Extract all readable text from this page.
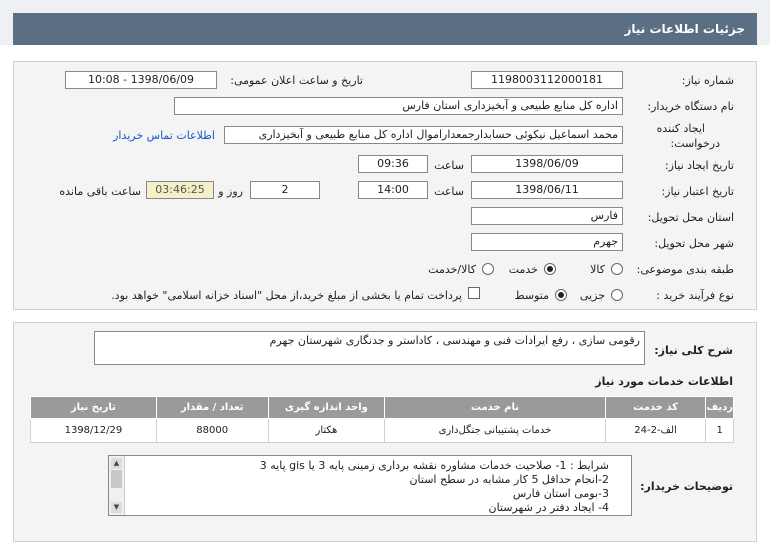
جزئیات اطلاعات نیاز
شماره نیاز:
1198003112000181
تاریخ و ساعت اعلان عمومی:
1398/06/09 - 10:08
نام دستگاه خریدار:
اداره کل منابع طبیعی و آبخیزداری استان فارس
ایجاد کننده
درخواست:
محمد اسماعیل نیکوئی حسابدارجمعداراموال اداره کل منابع طبیعی و آبخیزداری
اطلاعات تماس خریدار
تاریخ ایجاد نیاز:
1398/06/09
ساعت
09:36
تاریخ اعتبار نیاز:
1398/06/11
ساعت
14:00
2
روز و
03:46:25
ساعت باقی مانده
استان محل تحویل:
فارس
شهر محل تحویل:
جهرم
طبقه بندی موضوعی:
کالا
خدمت
کالا/خدمت
نوع فرآیند خرید :
جزیی
متوسط
پرداخت تمام یا بخشی از مبلغ خرید،از محل "اسناد خزانه اسلامی" خواهد بود.
شرح کلی نیاز:
رقومی سازی ، رفع ایرادات فنی و مهندسی ، کاداستر و جدنگاری شهرستان جهرم
اطلاعات خدمات مورد نیاز
ردیف	کد خدمت	نام خدمت	واحد اندازه گیری	تعداد / مقدار	تاریخ نیاز
1	الف-2-24	خدمات پشتیبانی جنگل‌داری	هکتار	88000	1398/12/29
توضیحات خریدار:
شرایط : 1- صلاحیت خدمات مشاوره نقشه برداری زمینی پایه 3 یا gis پایه 3
2-انجام حداقل 5 کار مشابه در سطح استان
3-بومی استان فارس
4- ایجاد دفتر در شهرستان
▲
▼
